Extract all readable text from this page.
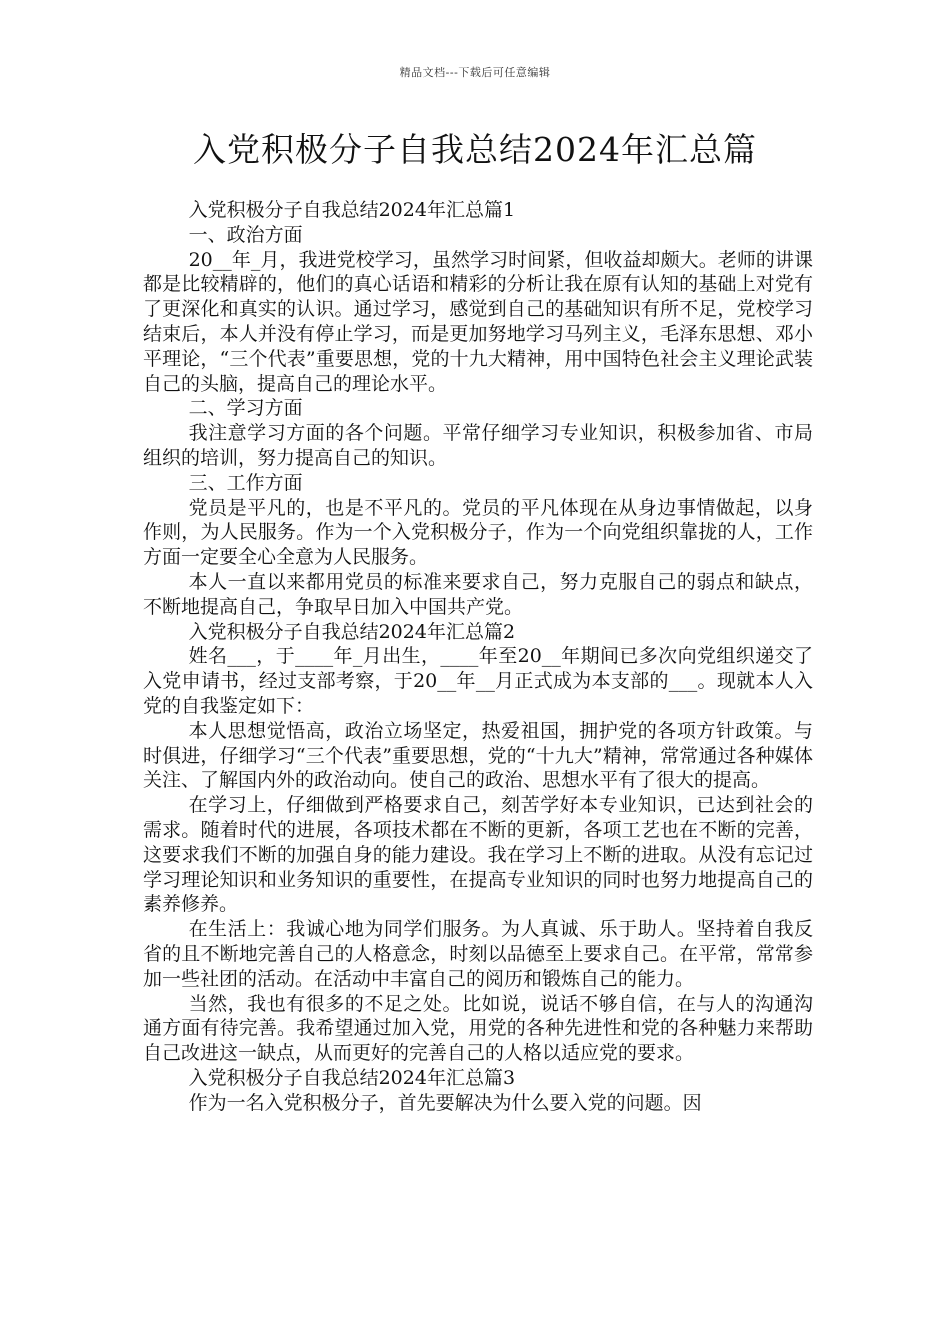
精品文档---下载后可任意编辑
入党积极分子自我总结2024年汇总篇

入党积极分子自我总结2024年汇总篇1

一、政治方面

20__年_月，我进党校学习，虽然学习时间紧，但收益却颇大。老师的讲课都是比较精辟的，他们的真心话语和精彩的分析让我在原有认知的基础上对党有了更深化和真实的认识。通过学习，感觉到自己的基础知识有所不足，党校学习结束后，本人并没有停止学习，而是更加努地学习马列主义，毛泽东思想、邓小平理论，“三个代表”重要思想，党的十九大精神，用中国特色社会主义理论武装自己的头脑，提高自己的理论水平。

二、学习方面

我注意学习方面的各个问题。平常仔细学习专业知识，积极参加省、市局组织的培训，努力提高自己的知识。

三、工作方面

党员是平凡的，也是不平凡的。党员的平凡体现在从身边事情做起，以身作则，为人民服务。作为一个入党积极分子，作为一个向党组织靠拢的人，工作方面一定要全心全意为人民服务。

本人一直以来都用党员的标准来要求自己，努力克服自己的弱点和缺点，不断地提高自己，争取早日加入中国共产党。

入党积极分子自我总结2024年汇总篇2

姓名___，于____年_月出生，____年至20__年期间已多次向党组织递交了入党申请书，经过支部考察，于20__年__月正式成为本支部的___。现就本人入党的自我鉴定如下：

本人思想觉悟高，政治立场坚定，热爱祖国，拥护党的各项方针政策。与时俱进，仔细学习“三个代表”重要思想，党的“十九大”精神，常常通过各种媒体关注、了解国内外的政治动向。使自己的政治、思想水平有了很大的提高。

在学习上，仔细做到严格要求自己，刻苦学好本专业知识，已达到社会的需求。随着时代的进展，各项技术都在不断的更新，各项工艺也在不断的完善，这要求我们不断的加强自身的能力建设。我在学习上不断的进取。从没有忘记过学习理论知识和业务知识的重要性，在提高专业知识的同时也努力地提高自己的素养修养。

在生活上：我诚心地为同学们服务。为人真诚、乐于助人。坚持着自我反省的且不断地完善自己的人格意念，时刻以品德至上要求自己。在平常，常常参加一些社团的活动。在活动中丰富自己的阅历和锻炼自己的能力。

当然，我也有很多的不足之处。比如说，说话不够自信，在与人的沟通沟通方面有待完善。我希望通过加入党，用党的各种先进性和党的各种魅力来帮助自己改进这一缺点，从而更好的完善自己的人格以适应党的要求。

入党积极分子自我总结2024年汇总篇3

作为一名入党积极分子，首先要解决为什么要入党的问题。因
